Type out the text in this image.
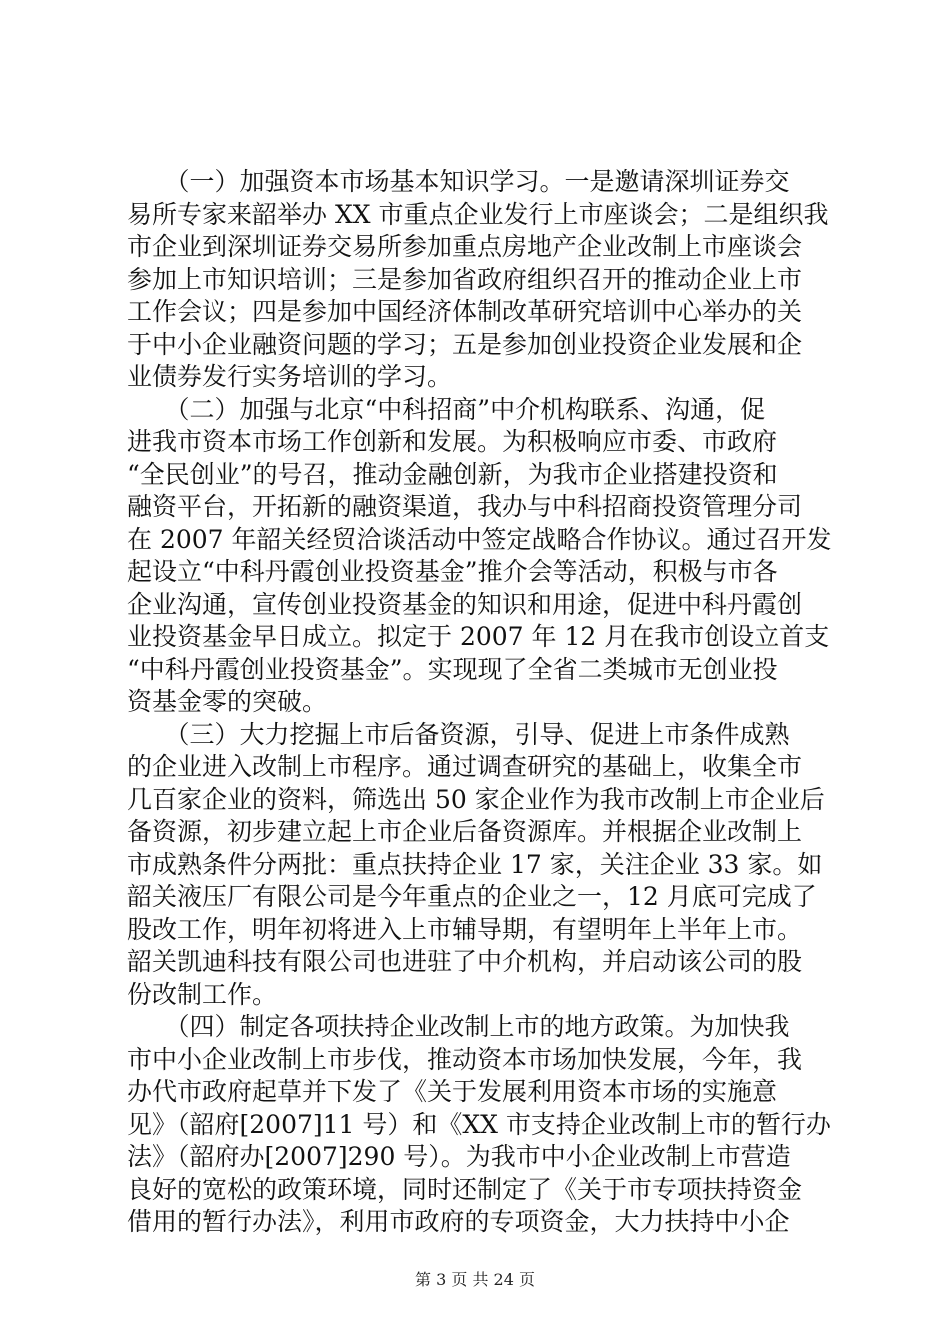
　　（一）加强资本市场基本知识学习。一是邀请深圳证券交
易所专家来韶举办 XX 市重点企业发行上市座谈会；二是组织我
市企业到深圳证券交易所参加重点房地产企业改制上市座谈会
参加上市知识培训；三是参加省政府组织召开的推动企业上市
工作会议；四是参加中国经济体制改革研究培训中心举办的关
于中小企业融资问题的学习；五是参加创业投资企业发展和企
业债券发行实务培训的学习。
　　（二）加强与北京“中科招商”中介机构联系、沟通，促
进我市资本市场工作创新和发展。为积极响应市委、市政府
“全民创业”的号召，推动金融创新，为我市企业搭建投资和
融资平台，开拓新的融资渠道，我办与中科招商投资管理分司
在 2007 年韶关经贸洽谈活动中签定战略合作协议。通过召开发
起设立“中科丹霞创业投资基金”推介会等活动，积极与市各
企业沟通，宣传创业投资基金的知识和用途，促进中科丹霞创
业投资基金早日成立。拟定于 2007 年 12 月在我市创设立首支
“中科丹霞创业投资基金”。实现现了全省二类城市无创业投
资基金零的突破。
　　（三）大力挖掘上市后备资源，引导、促进上市条件成熟
的企业进入改制上市程序。通过调查研究的基础上，收集全市
几百家企业的资料，筛选出 50 家企业作为我市改制上市企业后
备资源，初步建立起上市企业后备资源库。并根据企业改制上
市成熟条件分两批：重点扶持企业 17 家，关注企业 33 家。如
韶关液压厂有限公司是今年重点的企业之一，12 月底可完成了
股改工作，明年初将进入上市辅导期，有望明年上半年上市。
韶关凯迪科技有限公司也进驻了中介机构，并启动该公司的股
份改制工作。
　　（四）制定各项扶持企业改制上市的地方政策。为加快我
市中小企业改制上市步伐，推动资本市场加快发展，今年，我
办代市政府起草并下发了《关于发展利用资本市场的实施意
见》（韶府[2007]11 号）和《XX 市支持企业改制上市的暂行办
法》（韶府办[2007]290 号）。为我市中小企业改制上市营造
良好的宽松的政策环境，同时还制定了《关于市专项扶持资金
借用的暂行办法》，利用市政府的专项资金，大力扶持中小企
第 3 页 共 24 页
